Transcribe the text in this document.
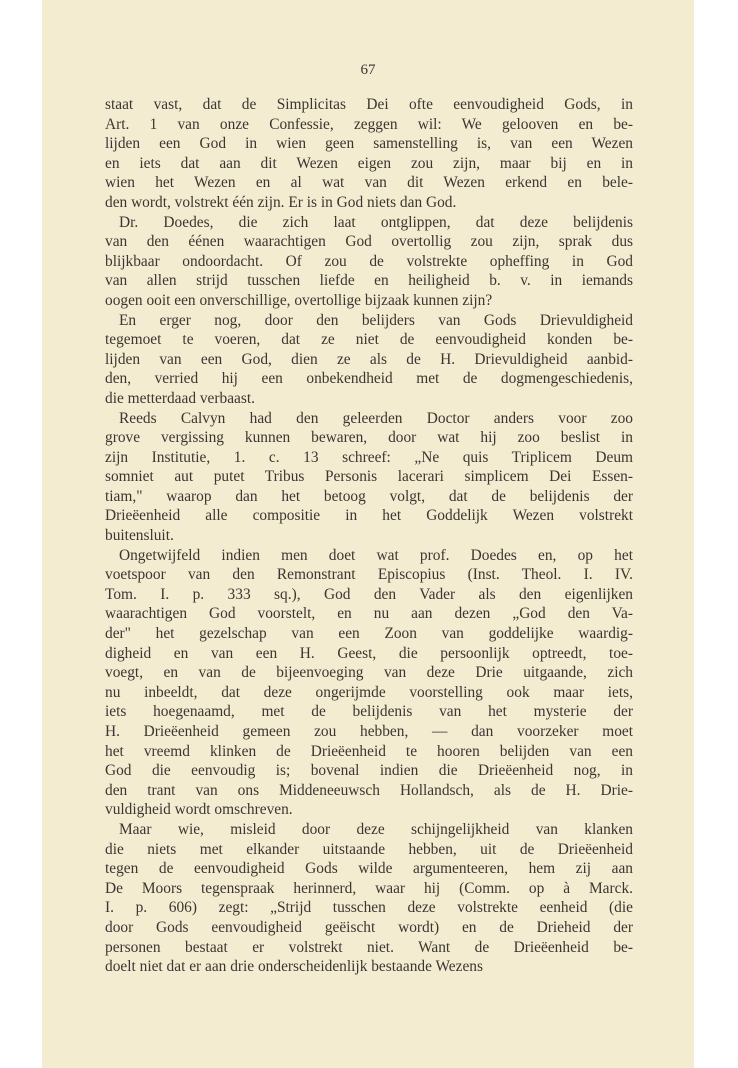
67
staat vast, dat de Simplicitas Dei ofte eenvoudigheid Gods, in
Art. 1 van onze Confessie, zeggen wil: We gelooven en be-
lijden een God in wien geen samenstelling is, van een Wezen
en iets dat aan dit Wezen eigen zou zijn, maar bij en in
wien het Wezen en al wat van dit Wezen erkend en bele-
den wordt, volstrekt één zijn. Er is in God niets dan God.
Dr. Doedes, die zich laat ontglippen, dat deze belijdenis
van den éénen waarachtigen God overtollig zou zijn, sprak dus
blijkbaar ondoordacht. Of zou de volstrekte opheffing in God
van allen strijd tusschen liefde en heiligheid b. v. in iemands
oogen ooit een onverschillige, overtollige bijzaak kunnen zijn?
En erger nog, door den belijders van Gods Drievuldigheid
tegemoet te voeren, dat ze niet de eenvoudigheid konden be-
lijden van een God, dien ze als de H. Drievuldigheid aanbid-
den, verried hij een onbekendheid met de dogmengeschiedenis,
die metterdaad verbaast.
Reeds Calvyn had den geleerden Doctor anders voor zoo
grove vergissing kunnen bewaren, door wat hij zoo beslist in
zijn Institutie, 1. c. 13 schreef: „Ne quis Triplicem Deum
somniet aut putet Tribus Personis lacerari simplicem Dei Essen-
tiam," waarop dan het betoog volgt, dat de belijdenis der
Drieëenheid alle compositie in het Goddelijk Wezen volstrekt
buitensluit.
Ongetwijfeld indien men doet wat prof. Doedes en, op het
voetspoor van den Remonstrant Episcopius (Inst. Theol. I. IV.
Tom. I. p. 333 sq.), God den Vader als den eigenlijken
waarachtigen God voorstelt, en nu aan dezen „God den Va-
der" het gezelschap van een Zoon van goddelijke waardig-
digheid en van een H. Geest, die persoonlijk optreedt, toe-
voegt, en van de bijeenvoeging van deze Drie uitgaande, zich
nu inbeeldt, dat deze ongerijmde voorstelling ook maar iets,
iets hoegenaamd, met de belijdenis van het mysterie der
H. Drieëenheid gemeen zou hebben, — dan voorzeker moet
het vreemd klinken de Drieëenheid te hooren belijden van een
God die eenvoudig is; bovenal indien die Drieëenheid nog, in
den trant van ons Middeneeuwsch Hollandsch, als de H. Drie-
vuldigheid wordt omschreven.
Maar wie, misleid door deze schijngelijkheid van klanken
die niets met elkander uitstaande hebben, uit de Drieëenheid
tegen de eenvoudigheid Gods wilde argumenteeren, hem zij aan
De Moors tegenspraak herinnerd, waar hij (Comm. op à Marck.
I. p. 606) zegt: „Strijd tusschen deze volstrekte eenheid (die
door Gods eenvoudigheid geëischt wordt) en de Drieheid der
personen bestaat er volstrekt niet. Want de Drieëenheid be-
doelt niet dat er aan drie onderscheidenlijk bestaande Wezens
